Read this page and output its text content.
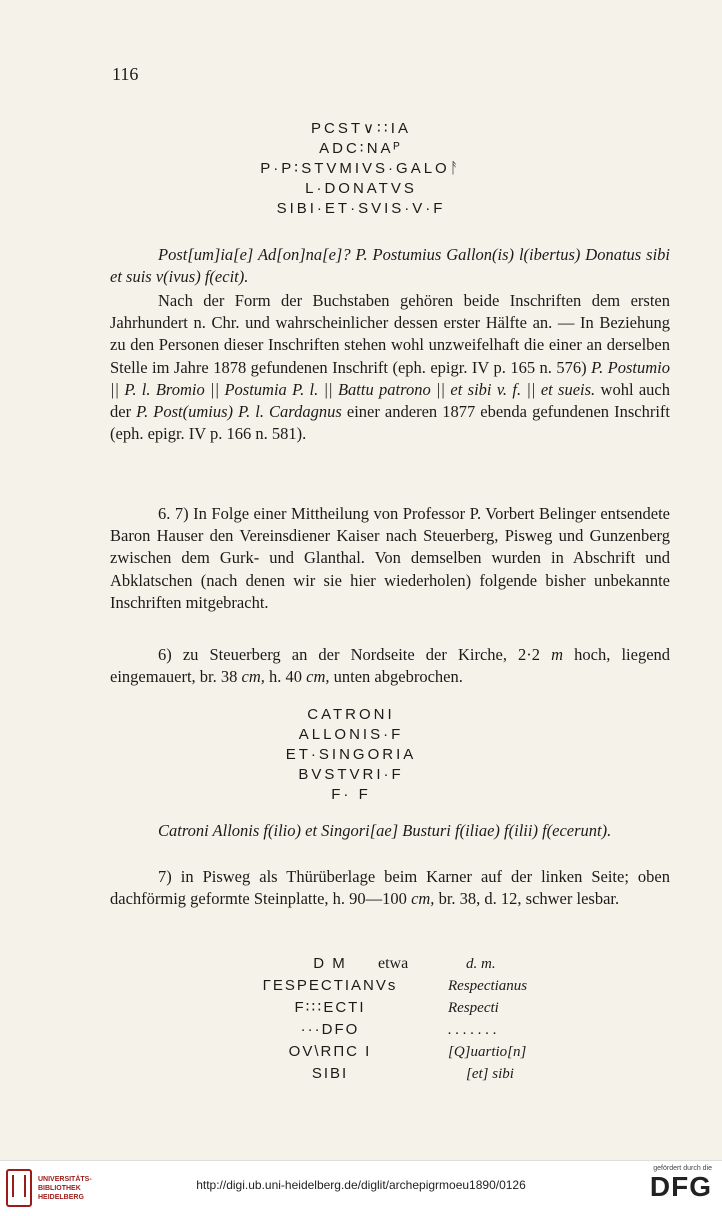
116
PCST∨∶∶IA
ADC∶NAᴾ
P·P∶STVMIVS·GALOᚨ
L·DONATVS
SIBI·ET·SVIS·V·F

Post[um]ia[e] Ad[on]na[e]? P. Postumius Gallon(is) l(ibertus) Donatus sibi et suis v(ivus) f(ecit).

Nach der Form der Buchstaben gehören beide Inschriften dem ersten Jahrhundert n. Chr. und wahrscheinlicher dessen erster Hälfte an. — In Beziehung zu den Personen dieser Inschriften stehen wohl unzweifelhaft die einer an derselben Stelle im Jahre 1878 gefundenen Inschrift (eph. epigr. IV p. 165 n. 576) P. Postumio || P. l. Bromio || Postumia P. l. || Battu patrono || et sibi v. f. || et sueis. wohl auch der P. Post(umius) P. l. Cardagnus einer anderen 1877 ebenda gefundenen Inschrift (eph. epigr. IV p. 166 n. 581).

6. 7) In Folge einer Mittheilung von Professor P. Vorbert Belinger entsendete Baron Hauser den Vereinsdiener Kaiser nach Steuerberg, Pisweg und Gunzenberg zwischen dem Gurk- und Glanthal. Von demselben wurden in Abschrift und Abklatschen (nach denen wir sie hier wiederholen) folgende bisher unbekannte Inschriften mitgebracht.

6) zu Steuerberg an der Nordseite der Kirche, 2·2 m hoch, liegend eingemauert, br. 38 cm, h. 40 cm, unten abgebrochen.

CATRONI
ALLONIS·F
ET·SINGORIA
BVSTVRI·F
F· F

Catroni Allonis f(ilio) et Singori[ae] Busturi f(iliae) f(ilii) f(ecerunt).

7) in Pisweg als Thürüberlage beim Karner auf der linken Seite; oben dachförmig geformte Steinplatte, h. 90—100 cm, br. 38, d. 12, schwer lesbar.

D M
ΓESPECTIANVs
F∶∶∶ECTI
···DFO
OV\RΠC I
SIBI
etwa	d. m.
Respectianus
Respecti
. . . . . . .
[Q]uartio[n]
[et] sibi
UNIVERSITÄTS-
BIBLIOTHEK
HEIDELBERG
http://digi.ub.uni-heidelberg.de/diglit/archepigrmoeu1890/0126
gefördert durch die
DFG
